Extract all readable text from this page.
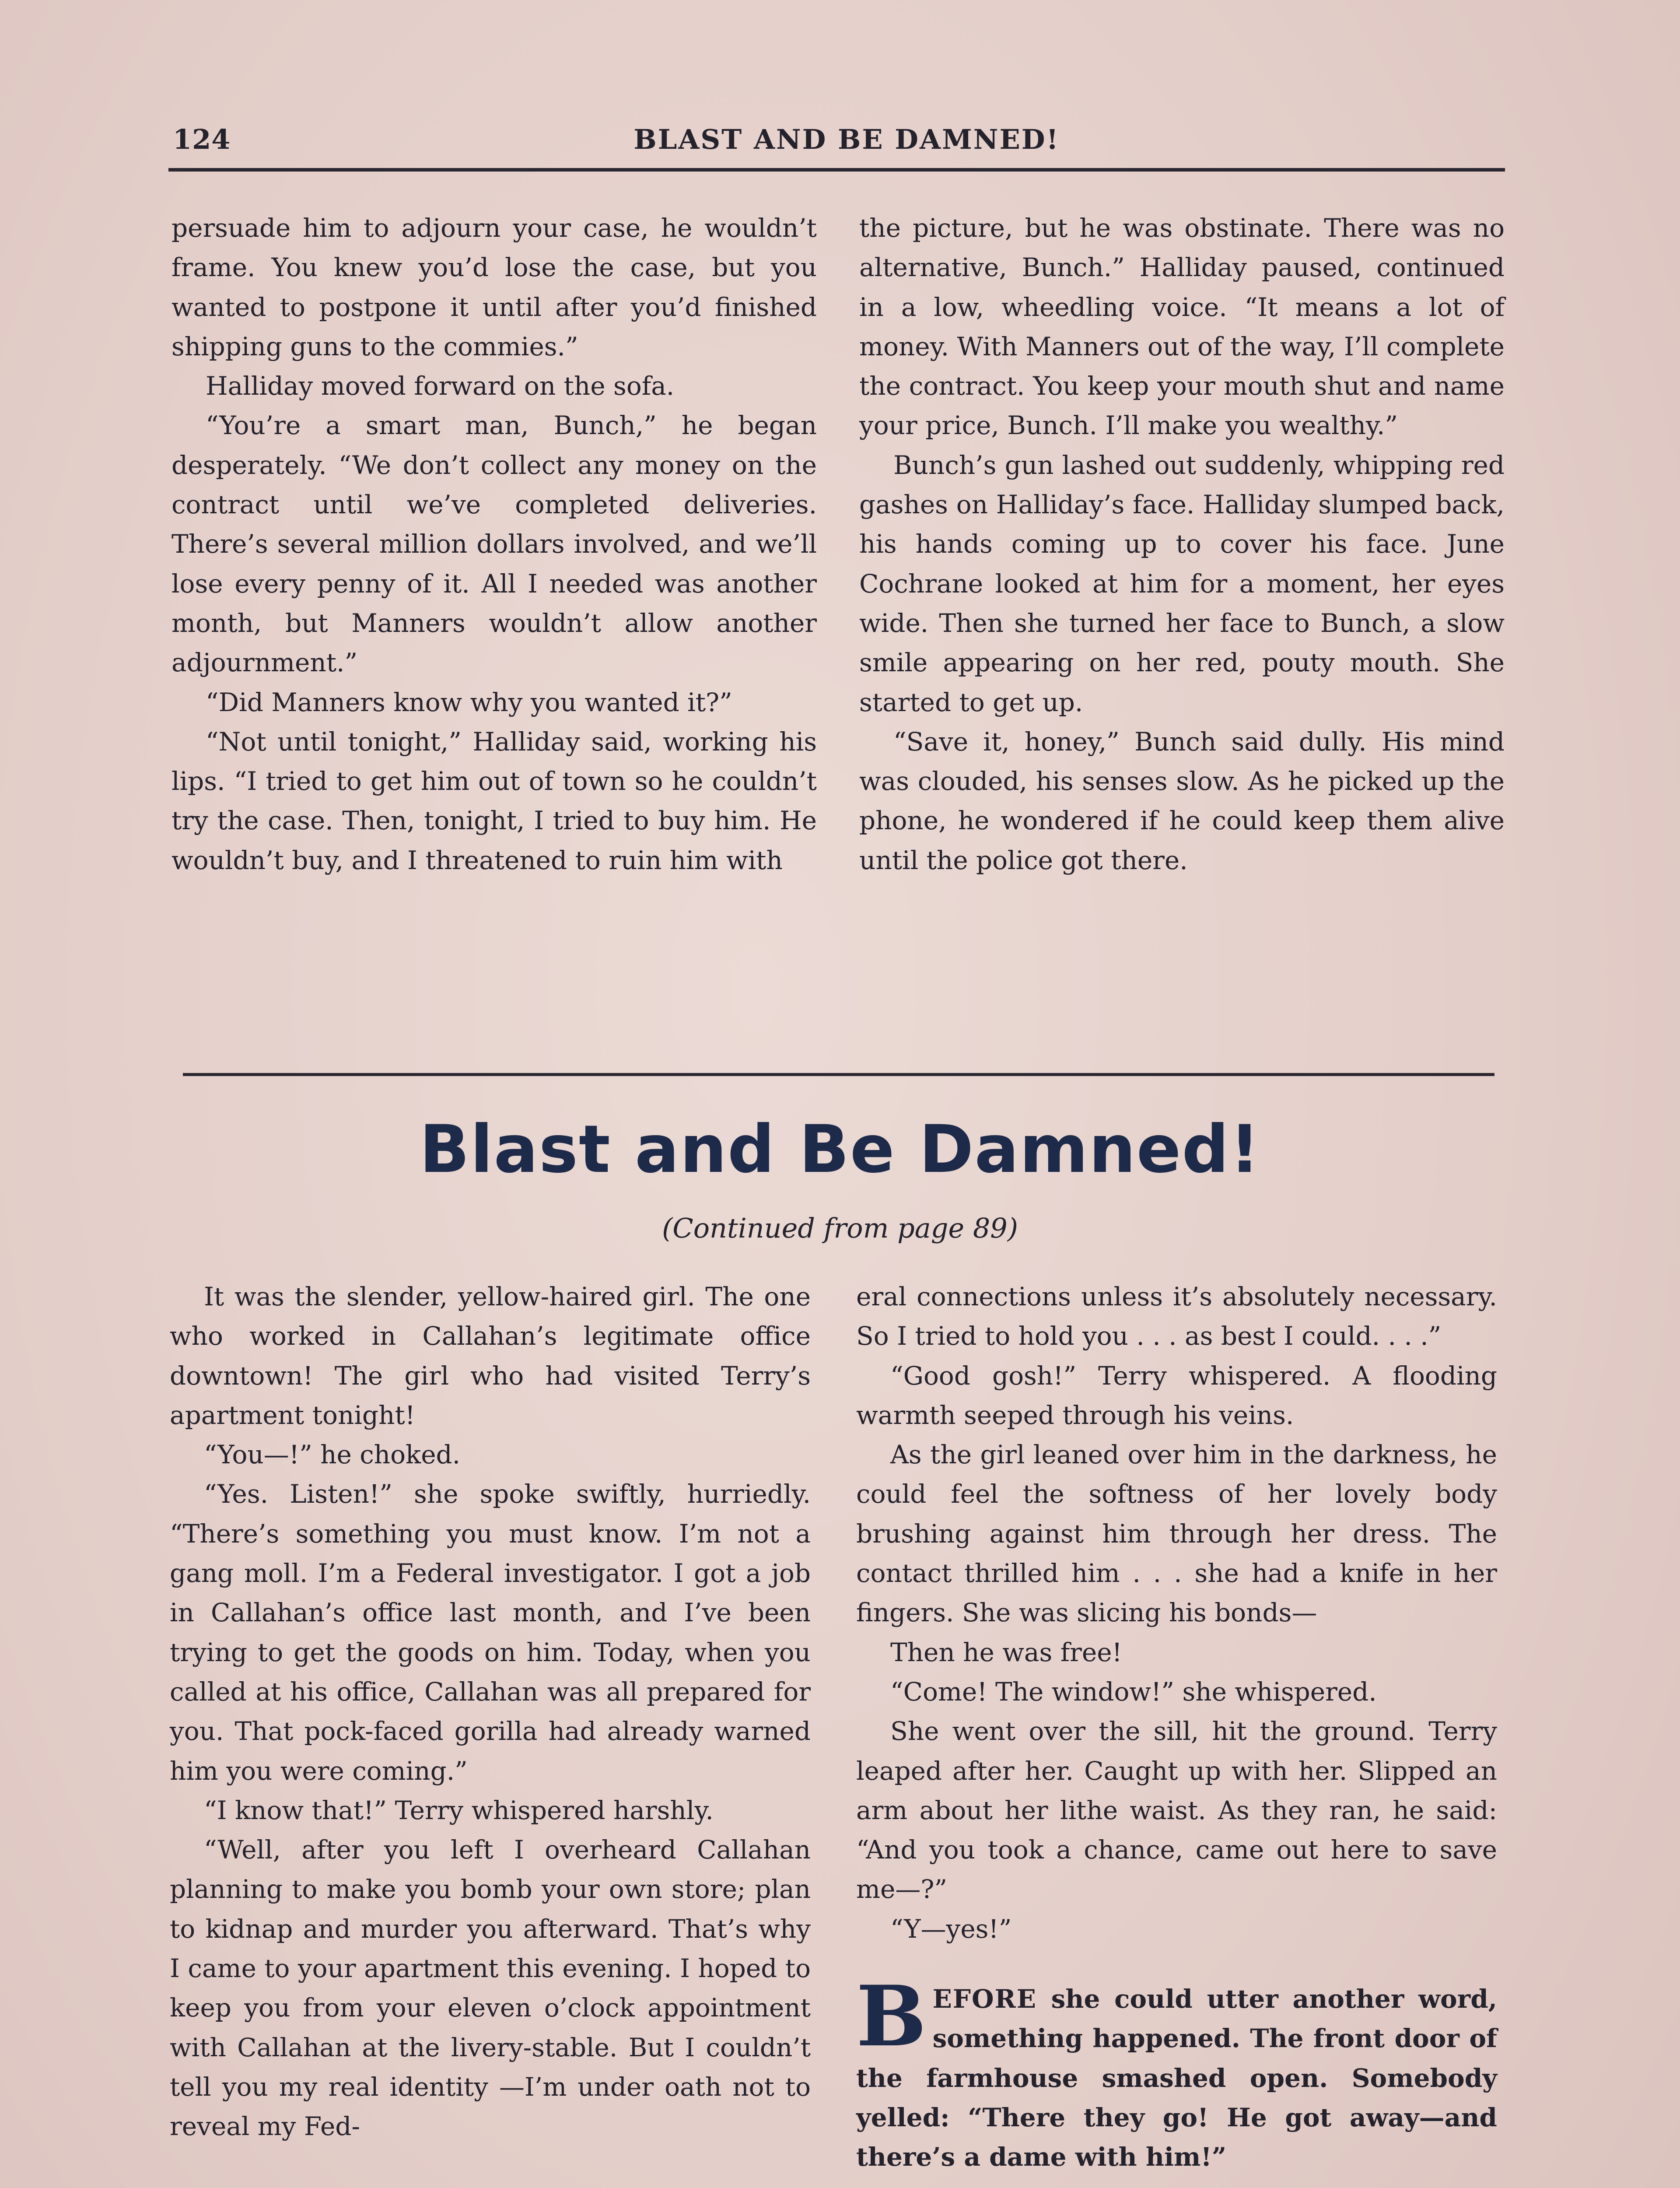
124	BLAST AND BE DAMNED!

persuade him to adjourn your case, he wouldn’t frame. You knew you’d lose the case, but you wanted to postpone it until after you’d finished shipping guns to the commies.”

Halliday moved forward on the sofa.

“You’re a smart man, Bunch,” he began desperately. “We don’t collect any money on the contract until we’ve completed deliveries. There’s several million dollars involved, and we’ll lose every penny of it. All I needed was another month, but Manners wouldn’t allow another adjournment.”

“Did Manners know why you wanted it?”

“Not until tonight,” Halliday said, working his lips. “I tried to get him out of town so he couldn’t try the case. Then, tonight, I tried to buy him. He wouldn’t buy, and I threatened to ruin him with

the picture, but he was obstinate. There was no alternative, Bunch.” Halliday paused, continued in a low, wheedling voice. “It means a lot of money. With Manners out of the way, I’ll complete the contract. You keep your mouth shut and name your price, Bunch. I’ll make you wealthy.”

Bunch’s gun lashed out suddenly, whipping red gashes on Halliday’s face. Halliday slumped back, his hands coming up to cover his face. June Cochrane looked at him for a moment, her eyes wide. Then she turned her face to Bunch, a slow smile appearing on her red, pouty mouth. She started to get up.

“Save it, honey,” Bunch said dully. His mind was clouded, his senses slow. As he picked up the phone, he wondered if he could keep them alive until the police got there.

Blast and Be Damned!
(Continued from page 89)

It was the slender, yellow-haired girl. The one who worked in Callahan’s legitimate office downtown! The girl who had visited Terry’s apartment tonight!

“You—!” he choked.

“Yes. Listen!” she spoke swiftly, hurriedly. “There’s something you must know. I’m not a gang moll. I’m a Federal investigator. I got a job in Callahan’s office last month, and I’ve been trying to get the goods on him. Today, when you called at his office, Callahan was all prepared for you. That pock-faced gorilla had already warned him you were coming.”

“I know that!” Terry whispered harshly.

“Well, after you left I overheard Callahan planning to make you bomb your own store; plan to kidnap and murder you afterward. That’s why I came to your apartment this evening. I hoped to keep you from your eleven o’clock appointment with Callahan at the livery-stable. But I couldn’t tell you my real identity —I’m under oath not to reveal my Fed-

eral connections unless it’s absolutely necessary. So I tried to hold you . . . as best I could. . . .”

“Good gosh!” Terry whispered. A flooding warmth seeped through his veins.

As the girl leaned over him in the darkness, he could feel the softness of her lovely body brushing against him through her dress. The contact thrilled him . . . she had a knife in her fingers. She was slicing his bonds—

Then he was free!

“Come! The window!” she whispered.

She went over the sill, hit the ground. Terry leaped after her. Caught up with her. Slipped an arm about her lithe waist. As they ran, he said: “And you took a chance, came out here to save me—?”

“Y—yes!”

BEFORE she could utter another word, something happened. The front door of the farmhouse smashed open. Somebody yelled: “There they go! He got away—and there’s a dame with him!”
